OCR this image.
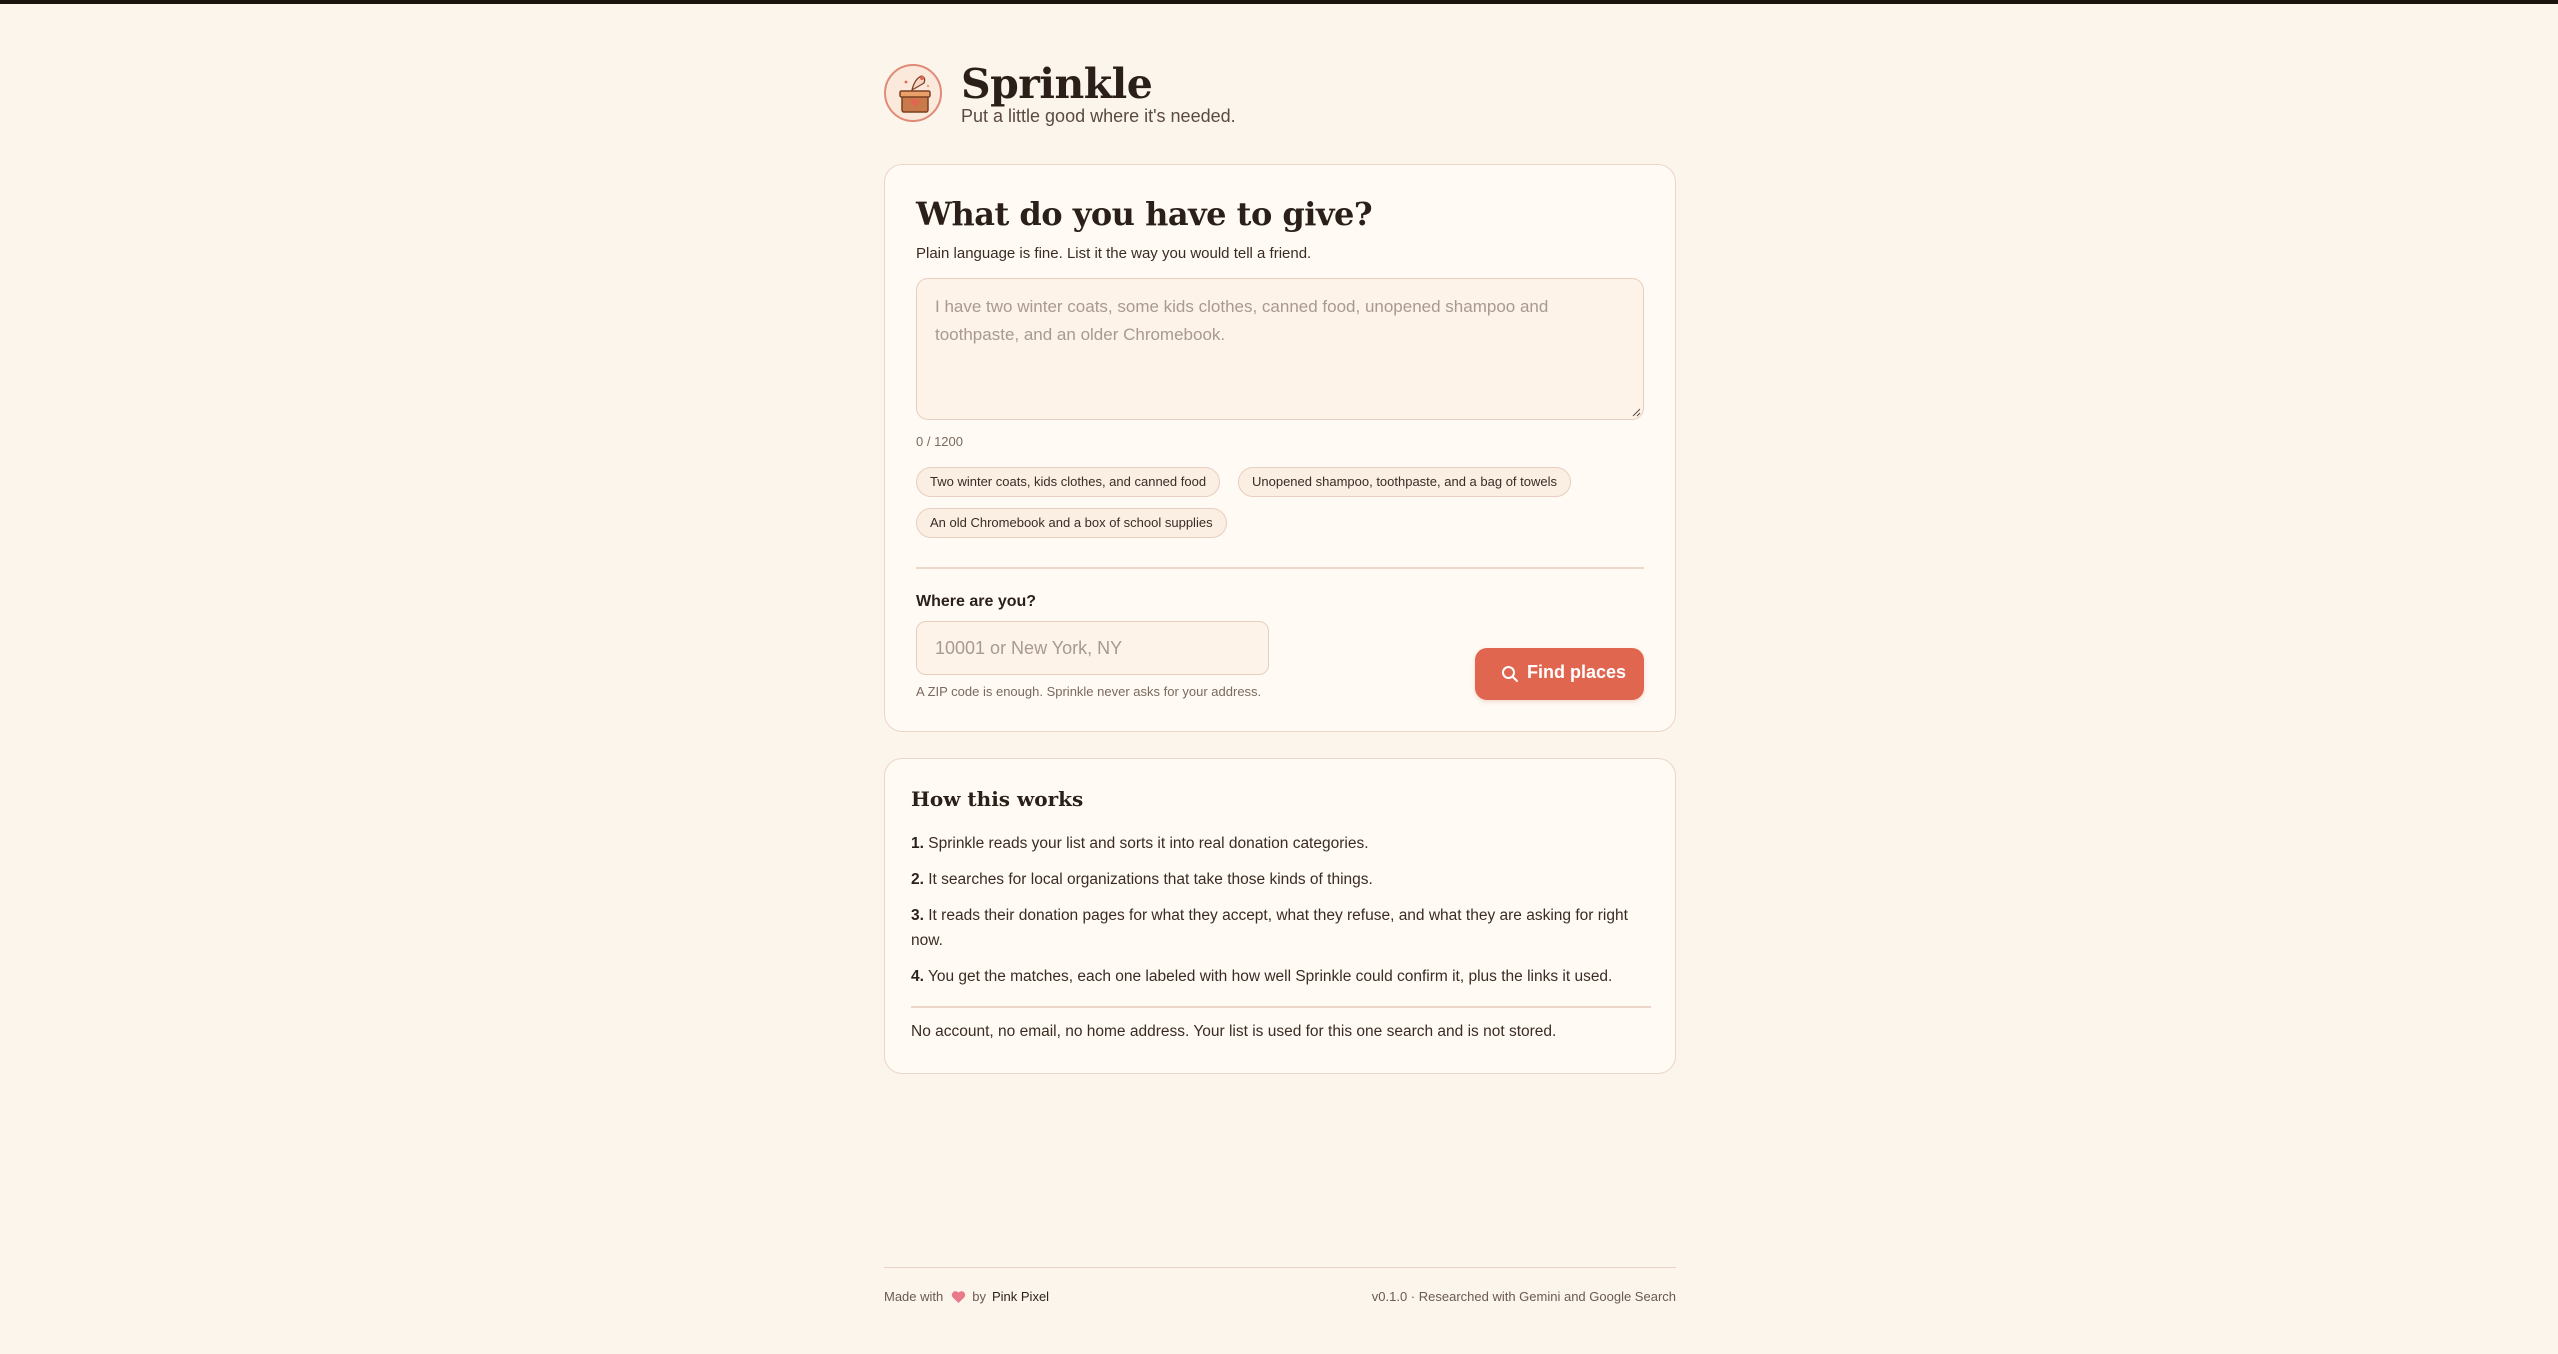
Sprinkle
Put a little good where it's needed.
What do you have to give?
Plain language is fine. List it the way you would tell a friend.
I have two winter coats, some kids clothes, canned food, unopened shampoo and toothpaste, and an older Chromebook.
0 / 1200
Two winter coats, kids clothes, and canned food	Unopened shampoo, toothpaste, and a bag of towels
An old Chromebook and a box of school supplies
Where are you?
10001 or New York, NY
A ZIP code is enough. Sprinkle never asks for your address.
Find places
How this works
1. Sprinkle reads your list and sorts it into real donation categories.
2. It searches for local organizations that take those kinds of things.
3. It reads their donation pages for what they accept, what they refuse, and what they are asking for right now.
4. You get the matches, each one labeled with how well Sprinkle could confirm it, plus the links it used.
No account, no email, no home address. Your list is used for this one search and is not stored.
Made with by Pink Pixel	v0.1.0 · Researched with Gemini and Google Search
